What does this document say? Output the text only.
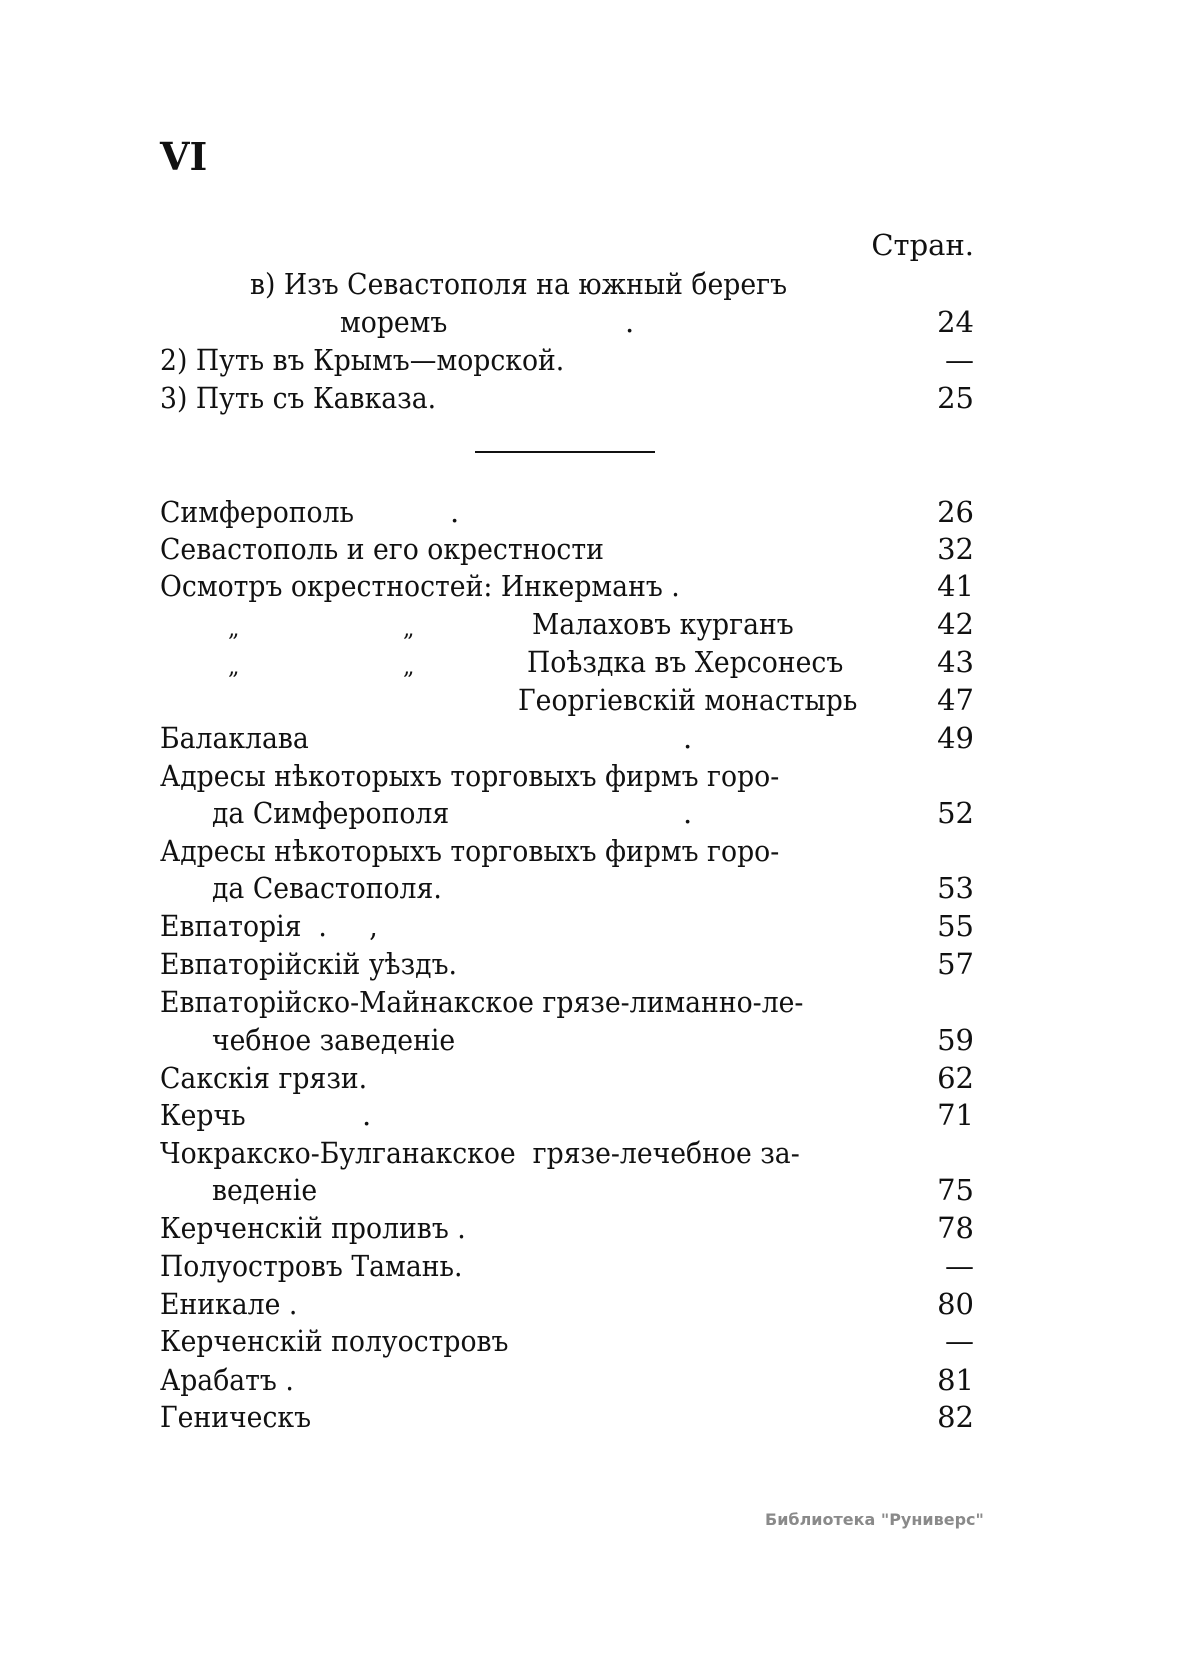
VI
Стран.
в) Изъ Севастополя на южный берегъ
моремъ	.	24
2) Путь въ Крымъ—морской.	—
3) Путь съ Кавказа.	25
Симферополь	.	26
Севастополь и его окрестности	32
Осмотръ окрестностей: Инкерманъ .	41
„	„	Малаховъ курганъ	42
„	„	Поѣздка въ Херсонесъ	43
Георгіевскій монастырь	47
Балаклава	.	49
Адресы нѣкоторыхъ торговыхъ фирмъ горо-
да Симферополя	.	52
Адресы нѣкоторыхъ торговыхъ фирмъ горо-
да Севастополя.	53
Евпаторія  .     ,	55
Евпаторійскій уѣздъ.	57
Евпаторійско-Майнакское грязе-лиманно-ле-
чебное заведеніе	59
Сакскія грязи.	62
Керчь	.	71
Чокракско-Булганакское  грязе-лечебное за-
веденіе	75
Керченскій проливъ .	78
Полуостровъ Тамань.	—
Еникале .	80
Керченскій полуостровъ	—
Арабатъ .	81
Геническъ	82
Библиотека "Руниверс"
